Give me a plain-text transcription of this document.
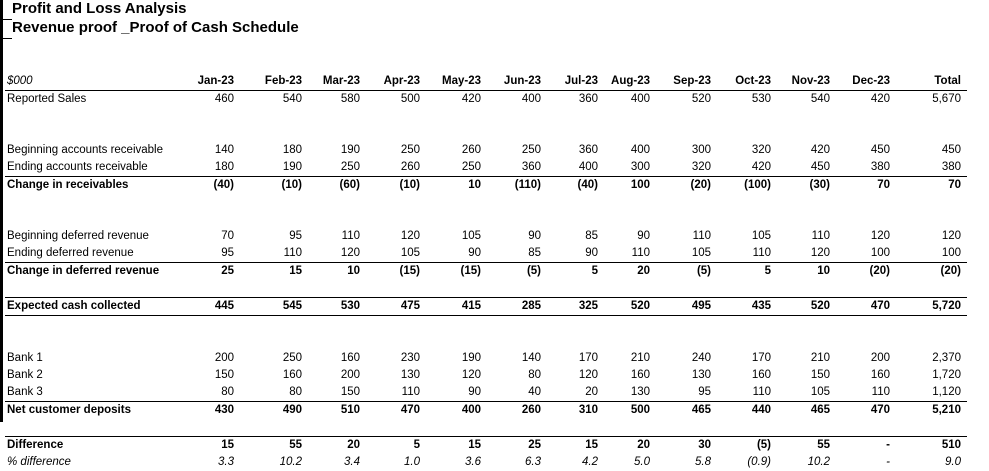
Profit and Loss Analysis
Revenue proof _Proof of Cash Schedule
$000	Jan-23	Feb-23	Mar-23	Apr-23	May-23	Jun-23	Jul-23	Aug-23	Sep-23	Oct-23	Nov-23	Dec-23	Total
Reported Sales	460	540	580	500	420	400	360	400	520	530	540	420	5,670

Beginning accounts receivable	140	180	190	250	260	250	360	400	300	320	420	450	450
Ending accounts receivable	180	190	250	260	250	360	400	300	320	420	450	380	380
Change in receivables	(40)	(10)	(60)	(10)	10	(110)	(40)	100	(20)	(100)	(30)	70	70

Beginning deferred revenue	70	95	110	120	105	90	85	90	110	105	110	120	120
Ending deferred revenue	95	110	120	105	90	85	90	110	105	110	120	100	100
Change in deferred revenue	25	15	10	(15)	(15)	(5)	5	20	(5)	5	10	(20)	(20)

Expected cash collected	445	545	530	475	415	285	325	520	495	435	520	470	5,720

Bank 1	200	250	160	230	190	140	170	210	240	170	210	200	2,370
Bank 2	150	160	200	130	120	80	120	160	130	160	150	160	1,720
Bank 3	80	80	150	110	90	40	20	130	95	110	105	110	1,120
Net customer deposits	430	490	510	470	400	260	310	500	465	440	465	470	5,210

Difference	15	55	20	5	15	25	15	20	30	(5)	55	-	510
% difference	3.3	10.2	3.4	1.0	3.6	6.3	4.2	5.0	5.8	(0.9)	10.2	-	9.0
